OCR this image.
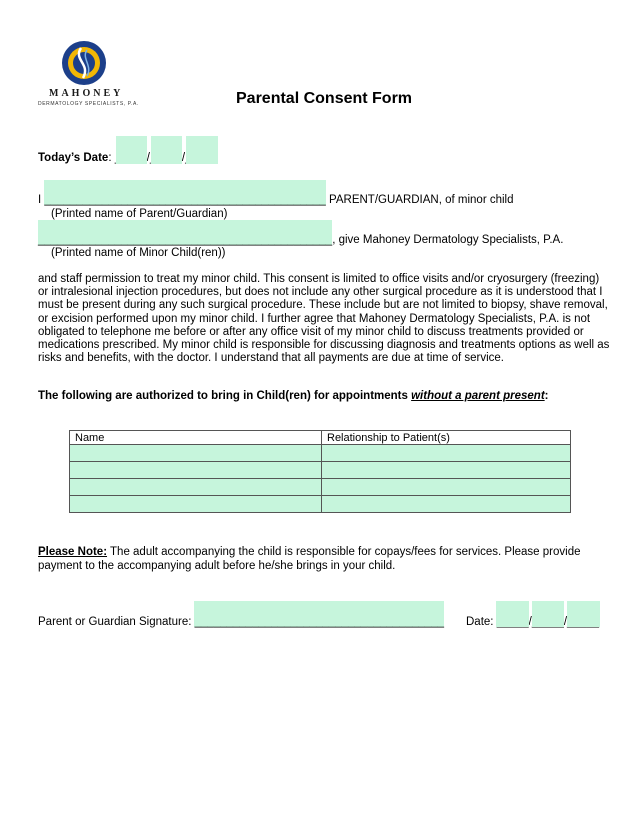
MAHONEY
DERMATOLOGY SPECIALISTS, P.A.	Parental Consent Form
Today’s Date:
I ____________________________________________ PARENT/GUARDIAN, of minor child
(Printed name of Parent/Guardian)
______________________________________________, give Mahoney Dermatology Specialists, P.A.
(Printed name of Minor Child(ren))
and staff permission to treat my minor child. This consent is limited to office visits and/or cryosurgery (freezing) or intralesional injection procedures, but does not include any other surgical procedure as it is understood that I must be present during any such surgical procedure. These include but are not limited to biopsy, shave removal, or excision performed upon my minor child. I further agree that Mahoney Dermatology Specialists, P.A. is not obligated to telephone me before or after any office visit of my minor child to discuss treatments provided or medications prescribed. My minor child is responsible for discussing diagnosis and treatments options as well as risks and benefits, with the doctor. I understand that all payments are due at time of service.
The following are authorized to bring in Child(ren) for appointments without a parent present:
Name	Relationship to Patient(s)

Please Note: The adult accompanying the child is responsible for copays/fees for services. Please provide payment to the accompanying adult before he/she brings in your child.
Parent or Guardian Signature: _______________________________________ Date:
